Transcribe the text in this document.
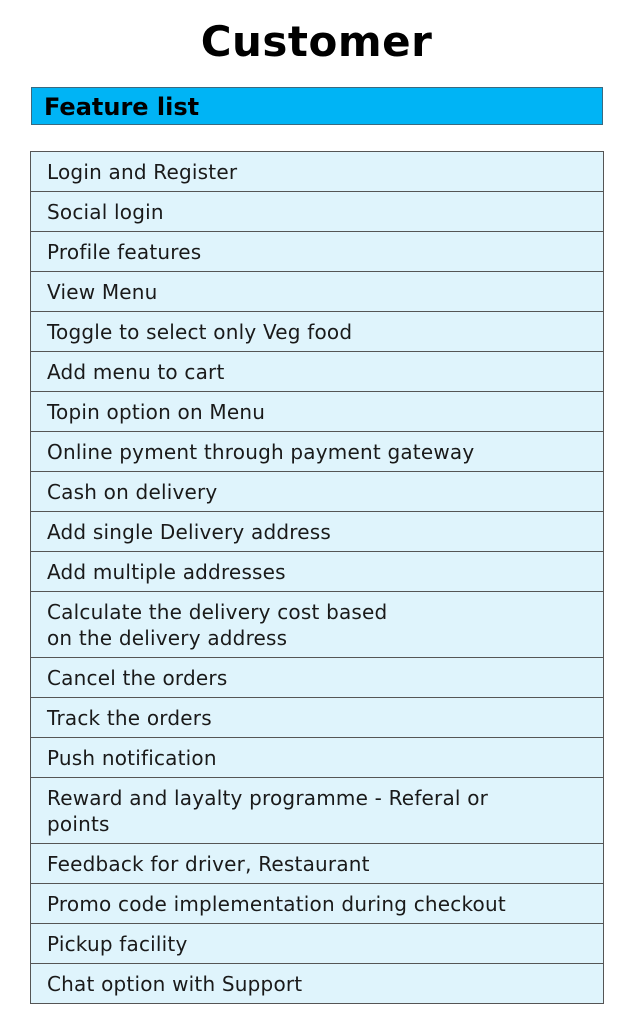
Customer
Feature list
Login and Register
Social login
Profile features
View Menu
Toggle to select only Veg food
Add menu to cart
Topin option on Menu
Online pyment through payment gateway
Cash on delivery
Add single Delivery address
Add multiple addresses
Calculate the delivery cost based
on the delivery address
Cancel the orders
Track the orders
Push notification
Reward and layalty programme - Referal or
points
Feedback for driver, Restaurant
Promo code implementation during checkout
Pickup facility
Chat option with Support
